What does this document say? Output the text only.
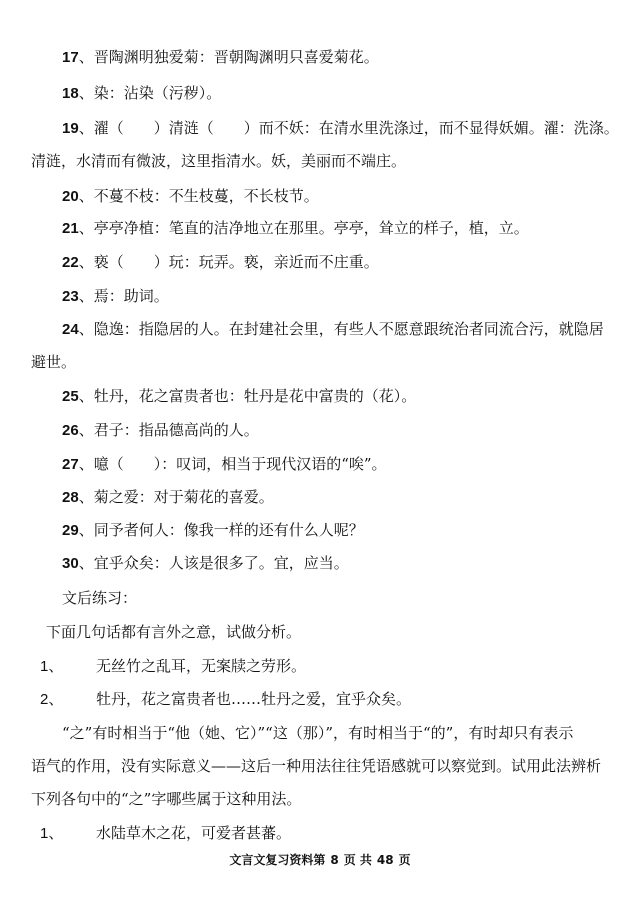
17、晋陶渊明独爱菊：晋朝陶渊明只喜爱菊花。
18、染：沾染（污秽）。
19、濯（　　）清涟（　　）而不妖：在清水里洗涤过，而不显得妖媚。濯：洗涤。
清涟，水清而有微波，这里指清水。妖，美丽而不端庄。
20、不蔓不枝：不生枝蔓，不长枝节。
21、亭亭净植：笔直的洁净地立在那里。亭亭，耸立的样子，植，立。
22、亵（　　）玩：玩弄。亵，亲近而不庄重。
23、焉：助词。
24、隐逸：指隐居的人。在封建社会里，有些人不愿意跟统治者同流合污，就隐居
避世。
25、牡丹，花之富贵者也：牡丹是花中富贵的（花）。
26、君子：指品德高尚的人。
27、噫（　　）：叹词，相当于现代汉语的“唉”。
28、菊之爱：对于菊花的喜爱。
29、同予者何人：像我一样的还有什么人呢？
30、宜乎众矣：人该是很多了。宜，应当。
文后练习：
下面几句话都有言外之意，试做分析。
1、 无丝竹之乱耳，无案牍之劳形。
2、 牡丹，花之富贵者也……牡丹之爱，宜乎众矣。
“之”有时相当于“他（她、它）”“这（那）”，有时相当于“的”，有时却只有表示
语气的作用，没有实际意义——这后一种用法往往凭语感就可以察觉到。试用此法辨析
下列各句中的“之”字哪些属于这种用法。
1、 水陆草木之花，可爱者甚蕃。
文言文复习资料第 8 页 共 48 页
